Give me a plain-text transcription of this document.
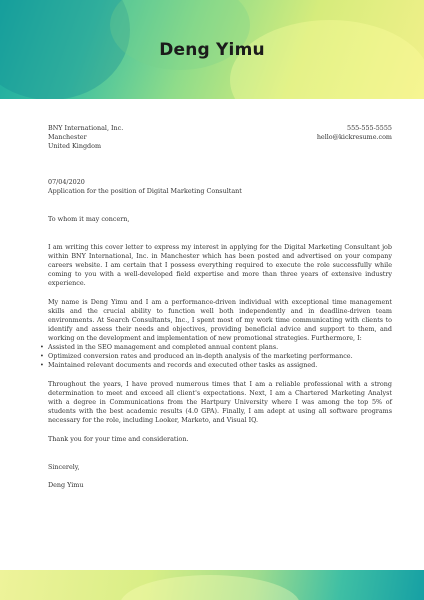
Deng Yimu
BNY International, Inc.
Manchester
United Kingdom
555-555-5555
hello@kickresume.com

07/04/2020

Application for the position of Digital Marketing Consultant

To whom it may concern,

I am writing this cover letter to express my interest in applying for the Digital Marketing Consultant job within BNY International, Inc. in Manchester which has been posted and advertised on your company careers website. I am certain that I possess everything required to execute the role successfully while coming to you with a well-developed field expertise and more than three years of extensive industry experience.

My name is Deng Yimu and I am a performance-driven individual with exceptional time management skills and the crucial ability to function well both independently and in deadline-driven team environments. At Search Consultants, Inc., I spent most of my work time communicating with clients to identify and assess their needs and objectives, providing beneficial advice and support to them, and working on the development and implementation of new promotional strategies. Furthermore, I:

• Assisted in the SEO management and completed annual content plans.
• Optimized conversion rates and produced an in-depth analysis of the marketing performance.
• Maintained relevant documents and records and executed other tasks as assigned.

Throughout the years, I have proved numerous times that I am a reliable professional with a strong determination to meet and exceed all client's expectations. Next, I am a Chartered Marketing Analyst with a degree in Communications from the Hartpury University where I was among the top 5% of students with the best academic results (4.0 GPA). Finally, I am adept at using all software programs necessary for the role, including Looker, Marketo, and Visual IQ.

Thank you for your time and consideration.

Sincerely,

Deng Yimu
